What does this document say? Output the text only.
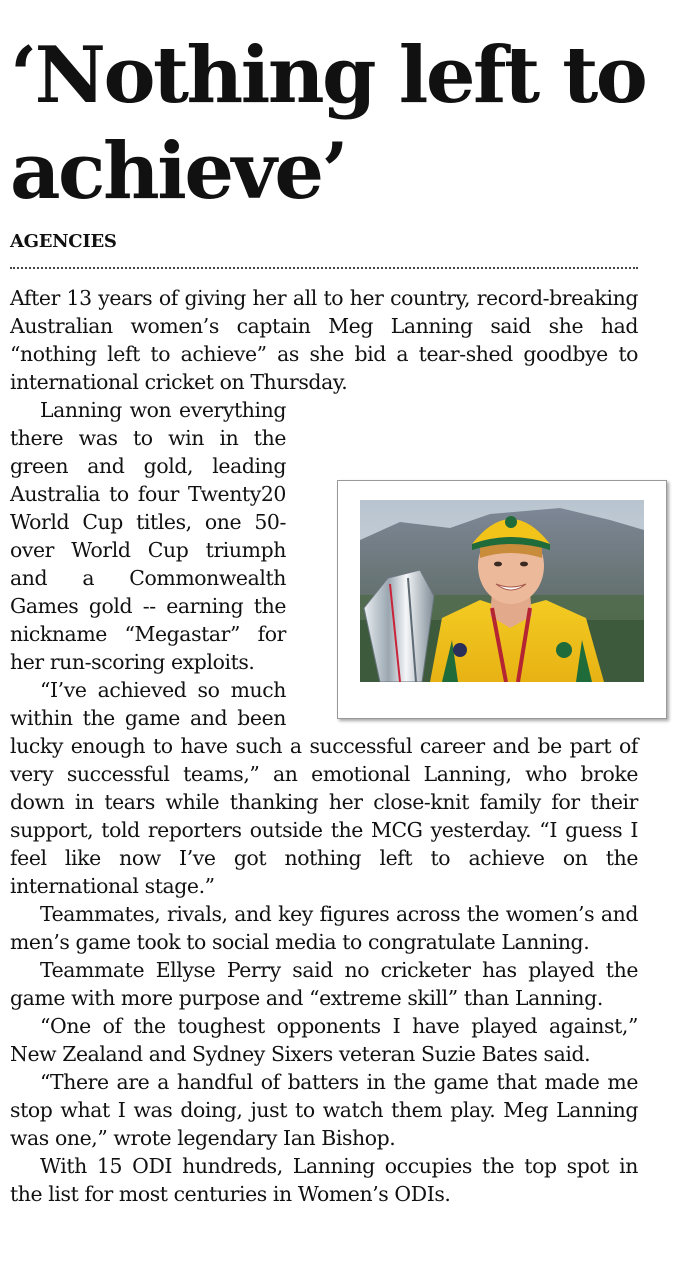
‘Nothing left to achieve’
AGENCIES

After 13 years of giving her all to her country, record-breaking Australian women’s captain Meg Lanning said she had “nothing left to achieve” as she bid a tear-shed goodbye to international cricket on Thursday.

Lanning won everything there was to win in the green and gold, leading Australia to four Twenty20 World Cup titles, one 50-over World Cup triumph and a Commonwealth Games gold -- earning the nickname “Megastar” for her run-scoring exploits.

“I’ve achieved so much within the game and been lucky enough to have such a successful career and be part of very successful teams,” an emotional Lanning, who broke down in tears while thanking her close-knit family for their support, told reporters outside the MCG yesterday. “I guess I feel like now I’ve got nothing left to achieve on the international stage.”

Teammates, rivals, and key figures across the women’s and men’s game took to social media to congratulate Lanning.

Teammate Ellyse Perry said no cricketer has played the game with more purpose and “extreme skill” than Lanning.

“One of the toughest opponents I have played against,” New Zealand and Sydney Sixers veteran Suzie Bates said.

“There are a handful of batters in the game that made me stop what I was doing, just to watch them play. Meg Lanning was one,” wrote legendary Ian Bishop.

With 15 ODI hundreds, Lanning occupies the top spot in the list for most centuries in Women’s ODIs.
